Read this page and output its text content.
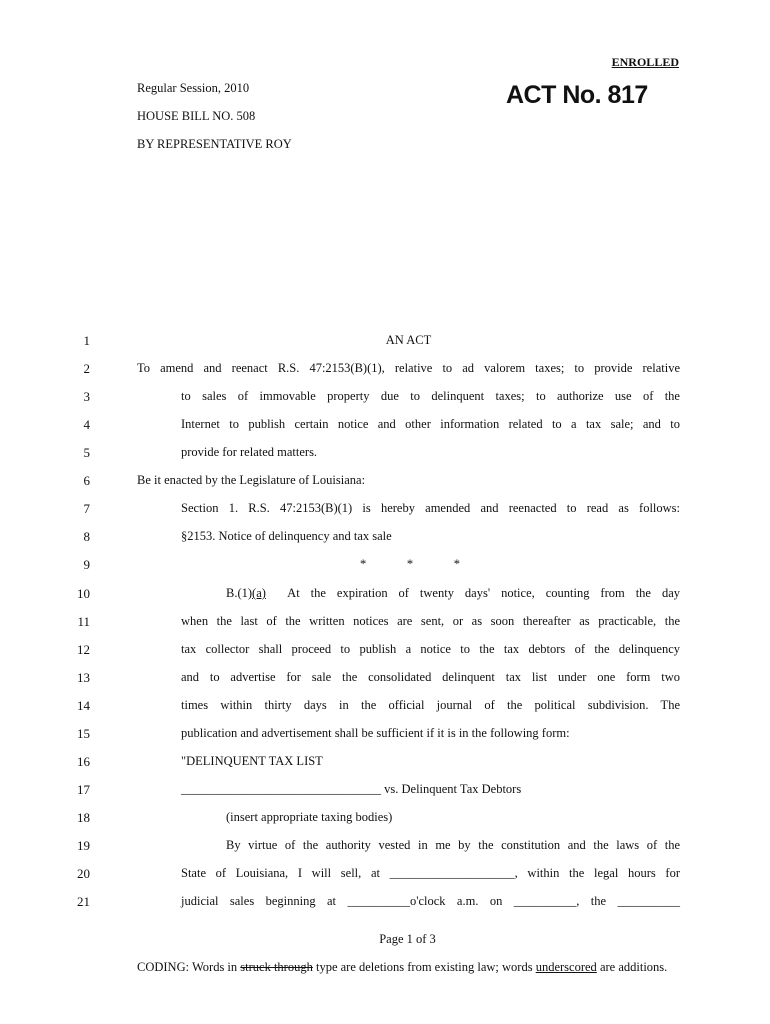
ENROLLED
ACT No. 817
Regular Session, 2010
HOUSE BILL NO. 508
BY REPRESENTATIVE ROY
1
2
3
4
5
6
7
8
9
10
11
12
13
14
15
16
17
18
19
20
21
AN ACT
To amend and reenact R.S. 47:2153(B)(1), relative to ad valorem taxes; to provide relative
to sales of immovable property due to delinquent taxes; to authorize use of the
Internet to publish certain notice and other information related to a tax sale; and to
provide for related matters.
Be it enacted by the Legislature of Louisiana:
Section 1. R.S. 47:2153(B)(1) is hereby amended and reenacted to read as follows:
§2153. Notice of delinquency and tax sale
*	*	*
B.(1)(a)  At the expiration of twenty days' notice, counting from the day
when the last of the written notices are sent, or as soon thereafter as practicable, the
tax collector shall proceed to publish a notice to the tax debtors of the delinquency
and to advertise for sale the consolidated delinquent tax list under one form two
times within thirty days in the official journal of the political subdivision. The
publication and advertisement shall be sufficient if it is in the following form:
"DELINQUENT TAX LIST
________________________________ vs. Delinquent Tax Debtors
(insert appropriate taxing bodies)
By virtue of the authority vested in me by the constitution and the laws of the
State of Louisiana, I will sell, at ____________________, within the legal hours for
judicial sales beginning at __________o'clock a.m. on __________, the __________
Page 1 of 3
CODING: Words in struck through type are deletions from existing law; words underscored are additions.
